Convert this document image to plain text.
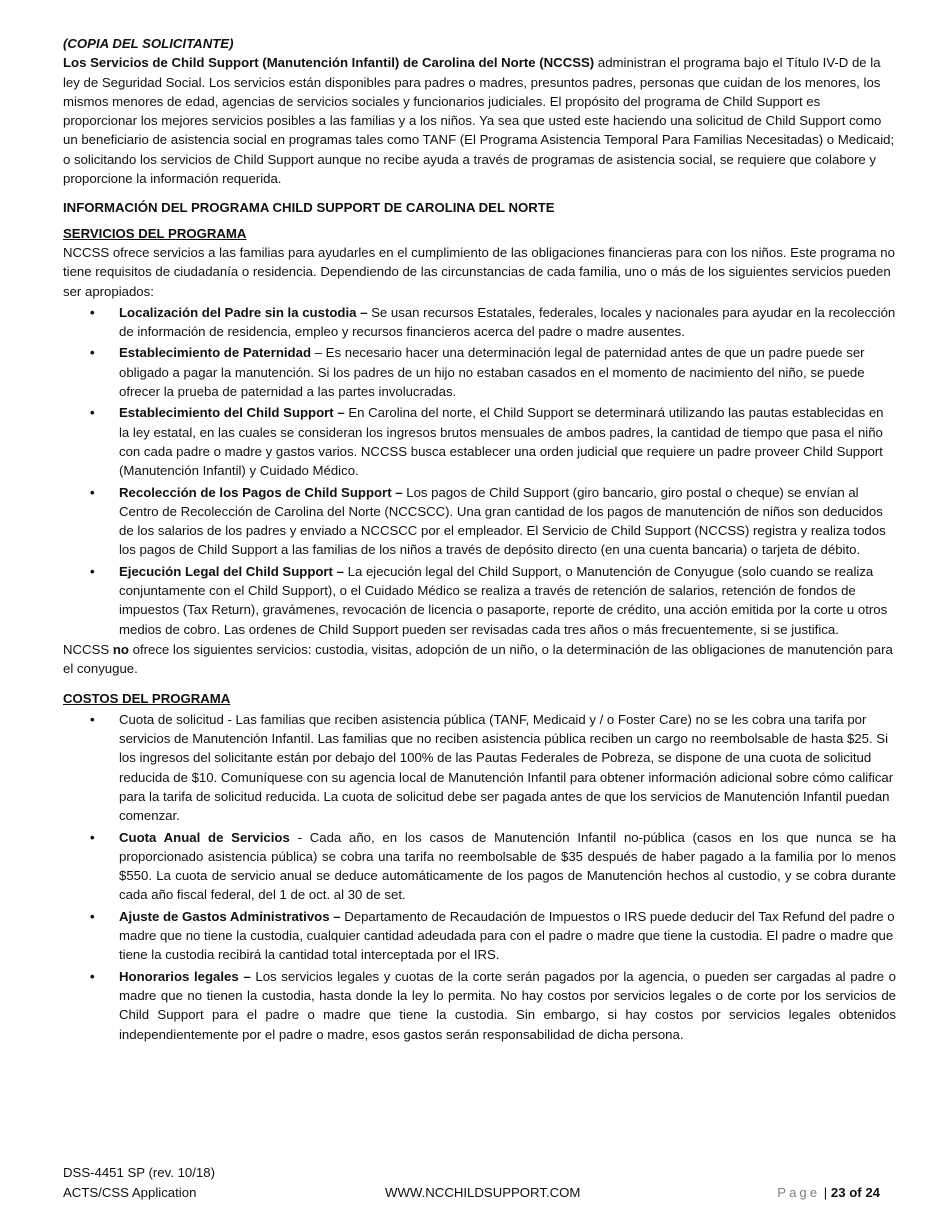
(COPIA DEL SOLICITANTE)

Los Servicios de Child Support (Manutención Infantil) de Carolina del Norte (NCCSS) administran el programa bajo el Título IV-D de la ley de Seguridad Social. Los servicios están disponibles para padres o madres, presuntos padres, personas que cuidan de los menores, los mismos menores de edad, agencias de servicios sociales y funcionarios judiciales. El propósito del programa de Child Support es proporcionar los mejores servicios posibles a las familias y a los niños. Ya sea que usted este haciendo una solicitud de Child Support como un beneficiario de asistencia social en programas tales como TANF (El Programa Asistencia Temporal Para Familias Necesitadas) o Medicaid; o solicitando los servicios de Child Support aunque no recibe ayuda a través de programas de asistencia social, se requiere que colabore y proporcione la información requerida.

INFORMACIÓN DEL PROGRAMA CHILD SUPPORT DE CAROLINA DEL NORTE
SERVICIOS DEL PROGRAMA

NCCSS ofrece servicios a las familias para ayudarles en el cumplimiento de las obligaciones financieras para con los niños. Este programa no tiene requisitos de ciudadanía o residencia. Dependiendo de las circunstancias de cada familia, uno o más de los siguientes servicios pueden ser apropiados:

• Localización del Padre sin la custodia – Se usan recursos Estatales, federales, locales y nacionales para ayudar en la recolección de información de residencia, empleo y recursos financieros acerca del padre o madre ausentes.
• Establecimiento de Paternidad – Es necesario hacer una determinación legal de paternidad antes de que un padre puede ser obligado a pagar la manutención. Si los padres de un hijo no estaban casados en el momento de nacimiento del niño, se puede ofrecer la prueba de paternidad a las partes involucradas.
• Establecimiento del Child Support – En Carolina del norte, el Child Support se determinará utilizando las pautas establecidas en la ley estatal, en las cuales se consideran los ingresos brutos mensuales de ambos padres, la cantidad de tiempo que pasa el niño con cada padre o madre y gastos varios. NCCSS busca establecer una orden judicial que requiere un padre proveer Child Support (Manutención Infantil) y Cuidado Médico.
• Recolección de los Pagos de Child Support – Los pagos de Child Support (giro bancario, giro postal o cheque) se envían al Centro de Recolección de Carolina del Norte (NCCSCC). Una gran cantidad de los pagos de manutención de niños son deducidos de los salarios de los padres y enviado a NCCSCC por el empleador. El Servicio de Child Support (NCCSS) registra y realiza todos los pagos de Child Support a las familias de los niños a través de depósito directo (en una cuenta bancaria) o tarjeta de débito.
• Ejecución Legal del Child Support – La ejecución legal del Child Support, o Manutención de Conyugue (solo cuando se realiza conjuntamente con el Child Support), o el Cuidado Médico se realiza a través de retención de salarios, retención de fondos de impuestos (Tax Return), gravámenes, revocación de licencia o pasaporte, reporte de crédito, una acción emitida por la corte u otros medios de cobro. Las ordenes de Child Support pueden ser revisadas cada tres años o más frecuentemente, si se justifica.

NCCSS no ofrece los siguientes servicios: custodia, visitas, adopción de un niño, o la determinación de las obligaciones de manutención para el conyugue.

COSTOS DEL PROGRAMA
• Cuota de solicitud - Las familias que reciben asistencia pública (TANF, Medicaid y / o Foster Care) no se les cobra una tarifa por servicios de Manutención Infantil. Las familias que no reciben asistencia pública reciben un cargo no reembolsable de hasta $25. Si los ingresos del solicitante están por debajo del 100% de las Pautas Federales de Pobreza, se dispone de una cuota de solicitud reducida de $10. Comuníquese con su agencia local de Manutención Infantil para obtener información adicional sobre cómo calificar para la tarifa de solicitud reducida. La cuota de solicitud debe ser pagada antes de que los servicios de Manutención Infantil puedan comenzar.
• Cuota Anual de Servicios - Cada año, en los casos de Manutención Infantil no-pública (casos en los que nunca se ha proporcionado asistencia pública) se cobra una tarifa no reembolsable de $35 después de haber pagado a la familia por lo menos $550. La cuota de servicio anual se deduce automáticamente de los pagos de Manutención hechos al custodio, y se cobra durante cada año fiscal federal, del 1 de oct. al 30 de set.
• Ajuste de Gastos Administrativos – Departamento de Recaudación de Impuestos o IRS puede deducir del Tax Refund del padre o madre que no tiene la custodia, cualquier cantidad adeudada para con el padre o madre que tiene la custodia. El padre o madre que tiene la custodia recibirá la cantidad total interceptada por el IRS.
• Honorarios legales – Los servicios legales y cuotas de la corte serán pagados por la agencia, o pueden ser cargadas al padre o madre que no tienen la custodia, hasta donde la ley lo permita. No hay costos por servicios legales o de corte por los servicios de Child Support para el padre o madre que tiene la custodia. Sin embargo, si hay costos por servicios legales obtenidos independientemente por el padre o madre, esos gastos serán responsabilidad de dicha persona.
DSS-4451 SP (rev. 10/18)
ACTS/CSS Application	WWW.NCCHILDSUPPORT.COM	Page | 23 of 24
